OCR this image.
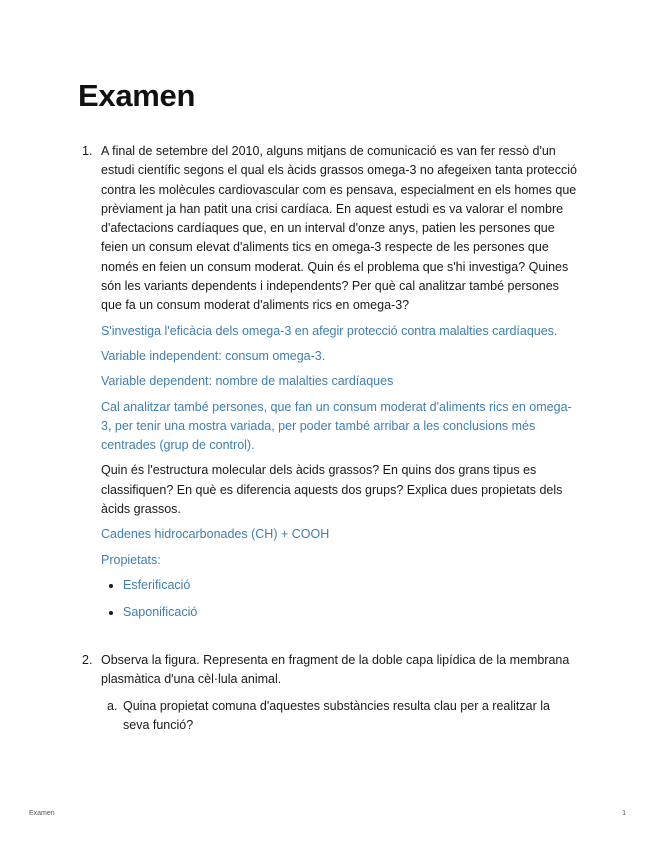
Examen
1. A final de setembre del 2010, alguns mitjans de comunicació es van fer ressò d'un estudi científic segons el qual els àcids grassos omega-3 no afegeixen tanta protecció contra les molècules cardiovascular com es pensava, especialment en els homes que prèviament ja han patit una crisi cardíaca. En aquest estudi es va valorar el nombre d'afectacions cardíaques que, en un interval d'onze anys, patien les persones que feien un consum elevat d'aliments tics en omega-3 respecte de les persones que només en feien un consum moderat. Quin és el problema que s'hi investiga? Quines són les variants dependents i independents? Per què cal analitzar també persones que fa un consum moderat d'aliments rics en omega-3?

S'investiga l'eficàcia dels omega-3 en afegir protecció contra malalties cardíaques.

Variable independent: consum omega-3.

Variable dependent: nombre de malalties cardíaques

Cal analitzar també persones, que fan un consum moderat d'aliments rics en omega-3, per tenir una mostra variada, per poder també arribar a les conclusions més centrades (grup de control).

Quin és l'estructura molecular dels àcids grassos? En quins dos grans tipus es classifiquen? En què es diferencia aquests dos grups? Explica dues propietats dels àcids grassos.

Cadenes hidrocarbonades (CH) + COOH

Propietats:

Esferificació
Saponificació
2. Observa la figura. Representa en fragment de la doble capa lipídica de la membrana plasmàtica d'una cèl·lula animal.

a. Quina propietat comuna d'aquestes substàncies resulta clau per a realitzar la seva funció?

Examen	1
